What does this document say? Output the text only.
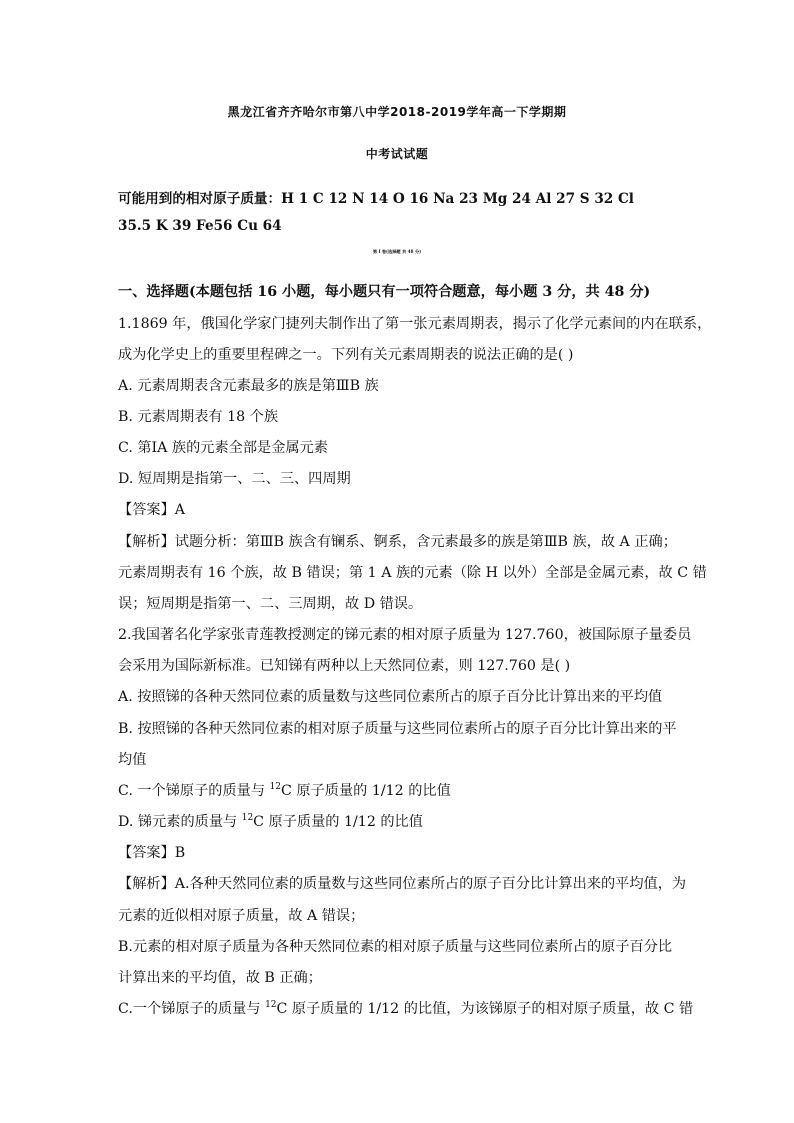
黑龙江省齐齐哈尔市第八中学2018-2019学年高一下学期期
中考试试题
可能用到的相对原子质量：H 1 C 12 N 14 O 16 Na 23 Mg 24 Al 27 S 32 Cl
35.5 K 39 Fe56 Cu 64
第 I 卷(选择题 共 48 分)
一、选择题(本题包括 16 小题，每小题只有一项符合题意，每小题 3 分，共 48 分)
1.1869 年，俄国化学家门捷列夫制作出了第一张元素周期表，揭示了化学元素间的内在联系，
成为化学史上的重要里程碑之一。下列有关元素周期表的说法正确的是( )
A. 元素周期表含元素最多的族是第ⅢB 族
B. 元素周期表有 18 个族
C. 第ⅠA 族的元素全部是金属元素
D. 短周期是指第一、二、三、四周期
【答案】A
【解析】试题分析：第ⅢB 族含有镧系、锕系，含元素最多的族是第ⅢB 族，故 A 正确；
元素周期表有 16 个族，故 B 错误；第 1 A 族的元素（除 H 以外）全部是金属元素，故 C 错
误；短周期是指第一、二、三周期，故 D 错误。
2.我国著名化学家张青莲教授测定的锑元素的相对原子质量为 127.760，被国际原子量委员
会采用为国际新标准。已知锑有两种以上天然同位素，则 127.760 是( )
A. 按照锑的各种天然同位素的质量数与这些同位素所占的原子百分比计算出来的平均值
B. 按照锑的各种天然同位素的相对原子质量与这些同位素所占的原子百分比计算出来的平
均值
C. 一个锑原子的质量与 $^{12}$C 原子质量的 1/12 的比值
D. 锑元素的质量与 $^{12}$C 原子质量的 1/12 的比值
【答案】B
【解析】A.各种天然同位素的质量数与这些同位素所占的原子百分比计算出来的平均值，为
元素的近似相对原子质量，故 A 错误；
B.元素的相对原子质量为各种天然同位素的相对原子质量与这些同位素所占的原子百分比
计算出来的平均值，故 B 正确；
C.一个锑原子的质量与 $^{12}$C 原子质量的 1/12 的比值，为该锑原子的相对原子质量，故 C 错
